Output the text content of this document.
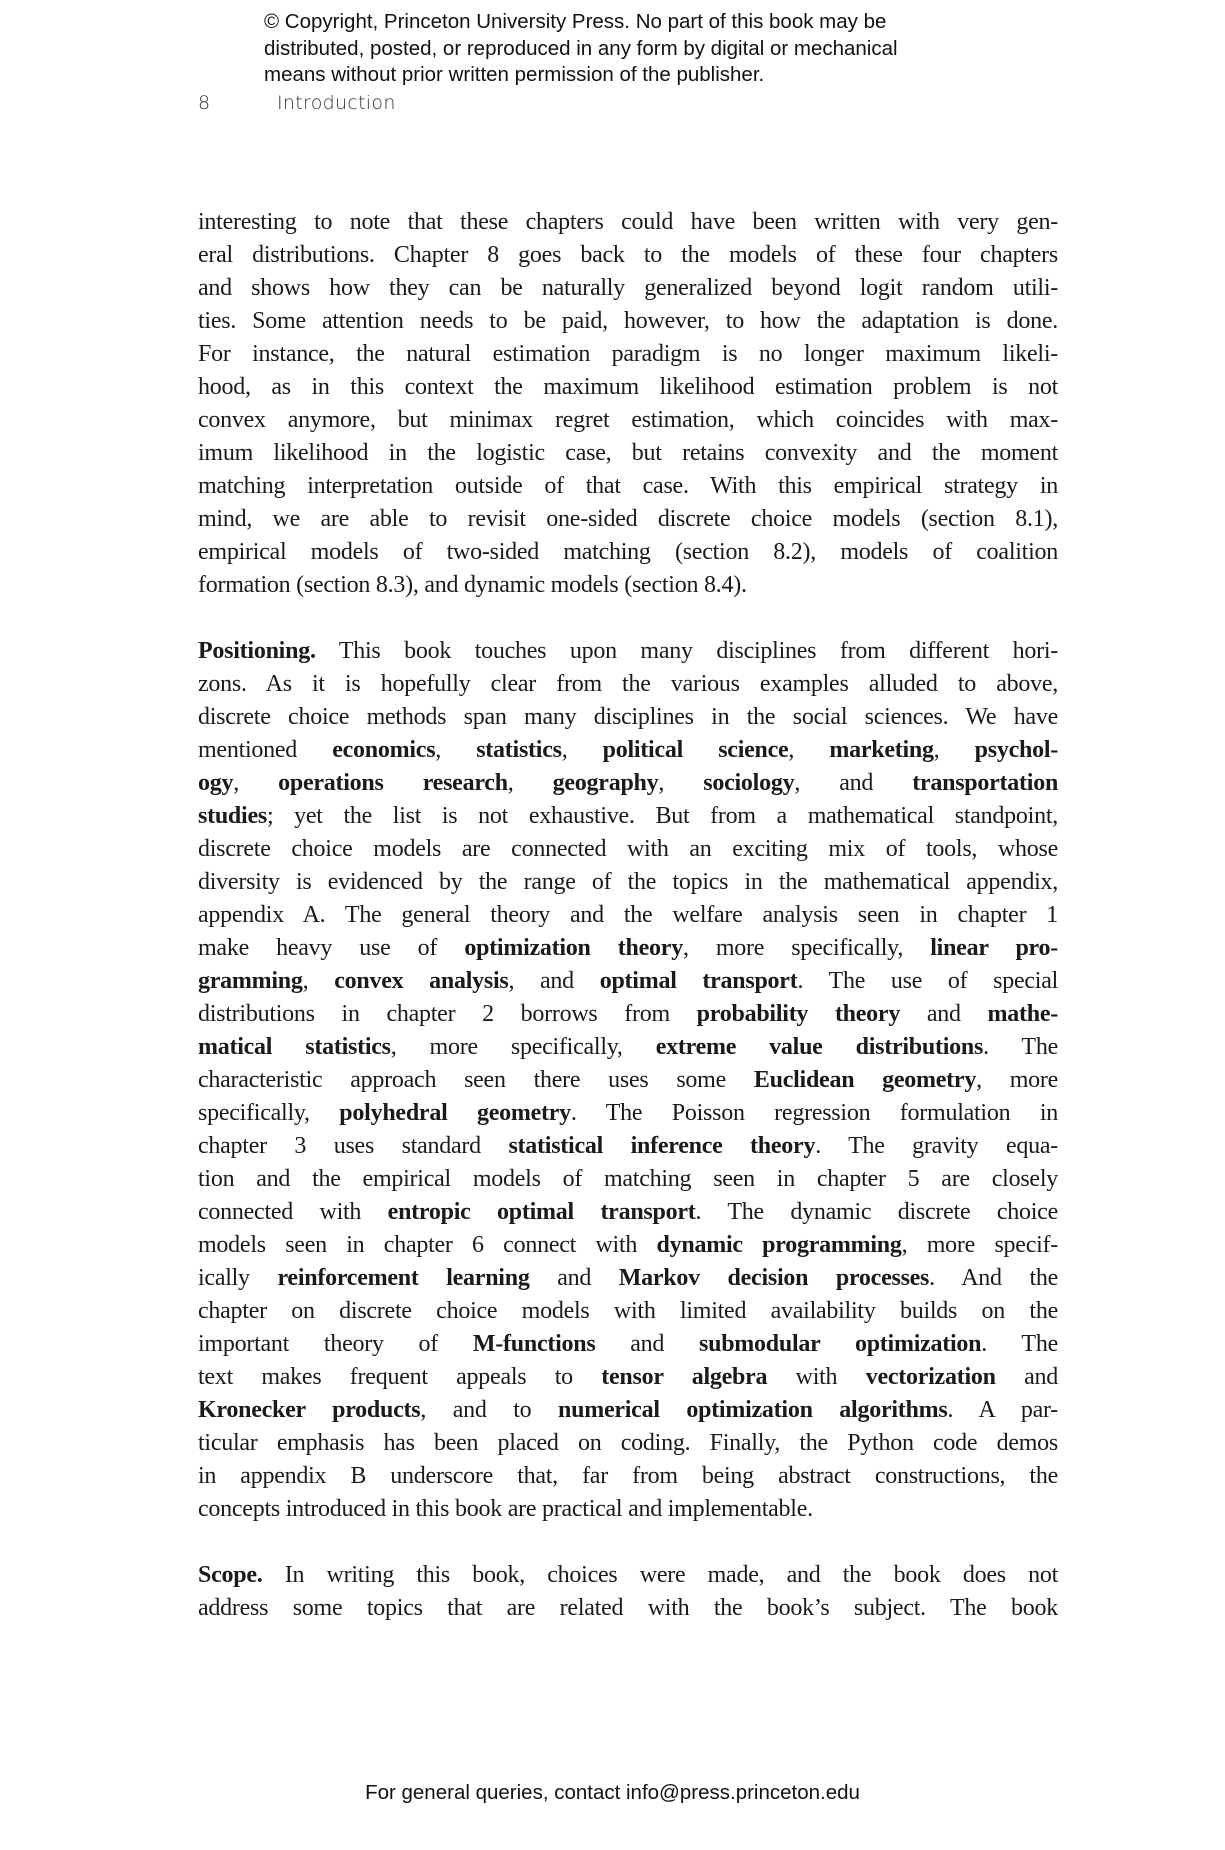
© Copyright, Princeton University Press. No part of this book may be
distributed, posted, or reproduced in any form by digital or mechanical
means without prior written permission of the publisher.
8	Introduction
interesting to note that these chapters could have been written with very gen-
eral distributions. Chapter 8 goes back to the models of these four chapters
and shows how they can be naturally generalized beyond logit random utili-
ties. Some attention needs to be paid, however, to how the adaptation is done.
For instance, the natural estimation paradigm is no longer maximum likeli-
hood, as in this context the maximum likelihood estimation problem is not
convex anymore, but minimax regret estimation, which coincides with max-
imum likelihood in the logistic case, but retains convexity and the moment
matching interpretation outside of that case. With this empirical strategy in
mind, we are able to revisit one-sided discrete choice models (section 8.1),
empirical models of two-sided matching (section 8.2), models of coalition
formation (section 8.3), and dynamic models (section 8.4).
Positioning. This book touches upon many disciplines from different hori-
zons. As it is hopefully clear from the various examples alluded to above,
discrete choice methods span many disciplines in the social sciences. We have
mentioned economics, statistics, political science, marketing, psychol-
ogy, operations research, geography, sociology, and transportation
studies; yet the list is not exhaustive. But from a mathematical standpoint,
discrete choice models are connected with an exciting mix of tools, whose
diversity is evidenced by the range of the topics in the mathematical appendix,
appendix A. The general theory and the welfare analysis seen in chapter 1
make heavy use of optimization theory, more specifically, linear pro-
gramming, convex analysis, and optimal transport. The use of special
distributions in chapter 2 borrows from probability theory and mathe-
matical statistics, more specifically, extreme value distributions. The
characteristic approach seen there uses some Euclidean geometry, more
specifically, polyhedral geometry. The Poisson regression formulation in
chapter 3 uses standard statistical inference theory. The gravity equa-
tion and the empirical models of matching seen in chapter 5 are closely
connected with entropic optimal transport. The dynamic discrete choice
models seen in chapter 6 connect with dynamic programming, more specif-
ically reinforcement learning and Markov decision processes. And the
chapter on discrete choice models with limited availability builds on the
important theory of M-functions and submodular optimization. The
text makes frequent appeals to tensor algebra with vectorization and
Kronecker products, and to numerical optimization algorithms. A par-
ticular emphasis has been placed on coding. Finally, the Python code demos
in appendix B underscore that, far from being abstract constructions, the
concepts introduced in this book are practical and implementable.
Scope. In writing this book, choices were made, and the book does not
address some topics that are related with the book’s subject. The book
For general queries, contact info@press.princeton.edu
